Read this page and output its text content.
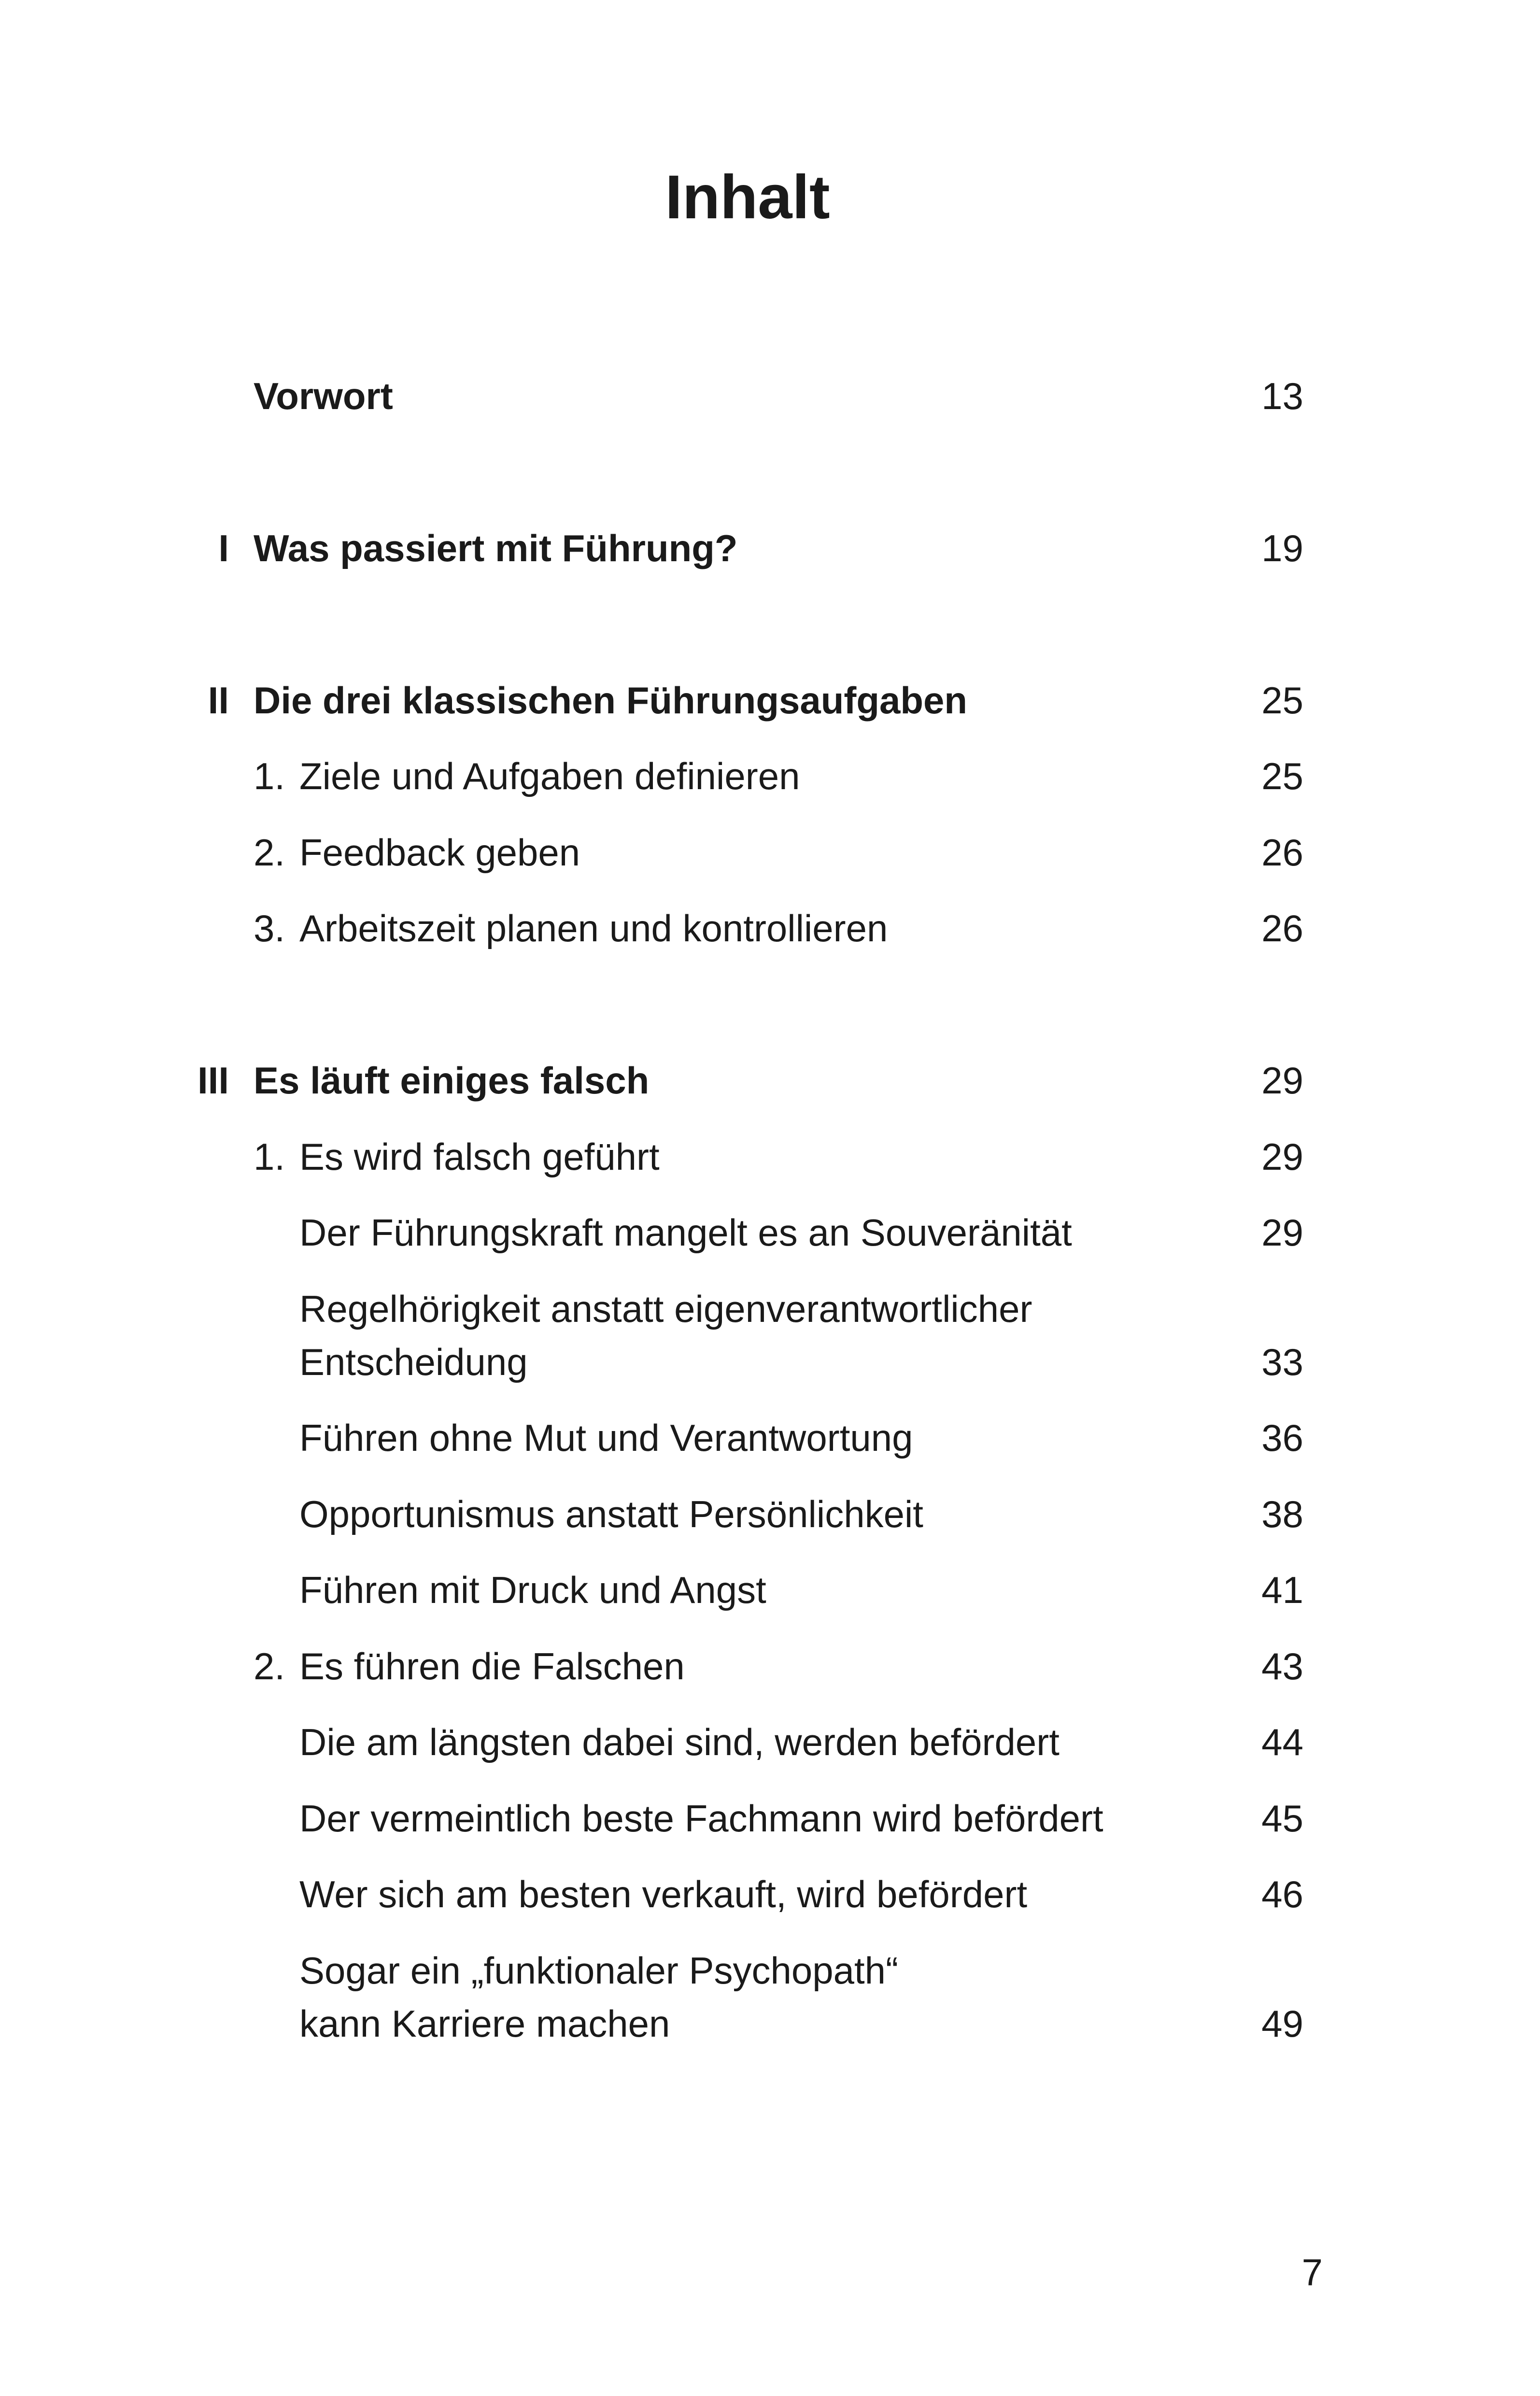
Inhalt
Vorwort	13
I Was passiert mit Führung?	19
II Die drei klassischen Führungsaufgaben	25
1. Ziele und Aufgaben definieren	25
2. Feedback geben	26
3. Arbeitszeit planen und kontrollieren	26
III Es läuft einiges falsch	29
1. Es wird falsch geführt	29
Der Führungskraft mangelt es an Souveränität	29
Regelhörigkeit anstatt eigenverantwortlicher
Entscheidung	33
Führen ohne Mut und Verantwortung	36
Opportunismus anstatt Persönlichkeit	38
Führen mit Druck und Angst	41
2. Es führen die Falschen	43
Die am längsten dabei sind, werden befördert	44
Der vermeintlich beste Fachmann wird befördert	45
Wer sich am besten verkauft, wird befördert	46
Sogar ein „funktionaler Psychopath“
kann Karriere machen	49
7
